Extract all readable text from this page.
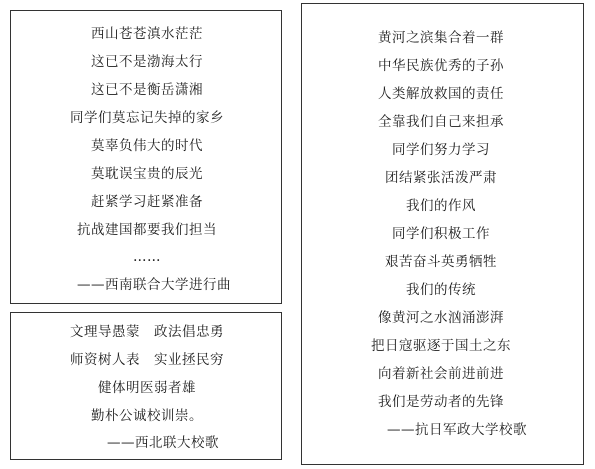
西山苍苍滇水茫茫
这已不是渤海太行
这已不是衡岳潇湘
同学们莫忘记失掉的家乡
莫辜负伟大的时代
莫耽误宝贵的辰光
赶紧学习赶紧准备
抗战建国都要我们担当
……
——西南联合大学进行曲
文理导愚蒙　政法倡忠勇
师资树人表　实业拯民穷
健体明医弱者雄
勤朴公诚校训崇。
——西北联大校歌
黄河之滨集合着一群
中华民族优秀的子孙
人类解放救国的责任
全靠我们自己来担承
同学们努力学习
团结紧张活泼严肃
我们的作风
同学们积极工作
艰苦奋斗英勇牺牲
我们的传统
像黄河之水汹涌澎湃
把日寇驱逐于国土之东
向着新社会前进前进
我们是劳动者的先锋
——抗日军政大学校歌
